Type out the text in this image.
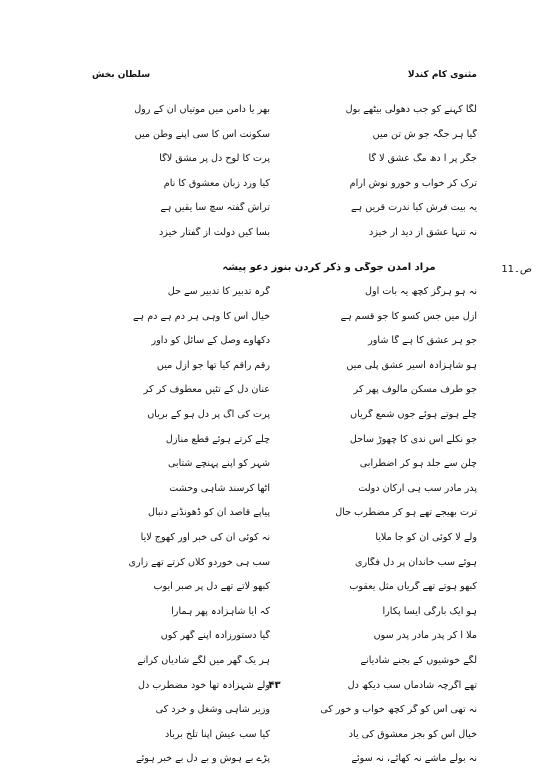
مثنوی کام کندلا
سلطان بخش
لگا کہنے کو جب دھولی بیٹھے بول
بھر یا دامن میں موتیاں ان کے رول
گیا ہر جگہ جو ش تن میں
سکونت اس کا سی اپنے وطن میں
جگر پر آ دھ مگ عشق لا گا
پرت کا لوح دل پر مشق لاگا
ترک کر خواب و خورو نوش آرام
کیا ورد زبان معشوق کا نام
یہ بیت فرش کیا ندرت قریں ہے
تراش گفتہ سچ سا یقیں ہے
نہ تنہا عشق از دید ار خیزد
بسا کیں دولت از گفتار خیزد
ص۔11
مراد آمدن جوگی و ذکر کردن بنوز دعو پیشہ
نہ ہو ہرگز کچھ یہ بات اول
گرہ تدبیر کا تدبیر سے حل
ازل میں جس کسو کا جو قسم ہے
خیال اس کا وہی ہر دم ہے دم ہے
جو ہر عشق کا ہے گا شاور
دکھاوے وصل کے سائل کو داور
ہو شاہزادہ اسیر عشق پلی میں
رقم راقم کیا تھا جو ازل میں
جو طرف مسکن مالوف پھر کر
عنان دل کے تئیں معطوف کر کر
چلے ہوتے ہوئے جوں شمع گریاں
پرت کی آگ پر دل ہو کے بریاں
جو نکلے اس ندی کا چھوڑ ساحل
چلے کرتے ہوئے قطع منازل
چلن سے جلد ہو کر اضطرابی
شہر کو اپنے پہنچے شتابی
پدر مادر سب ہی ارکان دولت
اٹھا کرسند شاہی وحشت
ترت بھیجے تھے ہو کر مضطرب حال
پیاپے قاصد ان کو ڈھونڈنے دنبال
ولے لا کوئی ان کو جا ملایا
نہ کوئی ان کی خبر اور کھوج لایا
ہوئے سب خاندان پر دل فگاری
سب ہی خوردو کلاں کرتے تھے زاری
کبھو ہوتے تھے گریاں مثل یعقوب
کبھو لاتے تھے دل پر صبر ایوب
ہو ایک بارگی ایسا پکارا
کہ آیا شاہزادہ پھر ہمارا
ملا آ کر پدر مادر پدر سوں
گیا دستورزادہ اپنے گھر کوں
لگے خوشیوں کے بجنے شادیانے
ہر یک گھر میں لگے شادیاں کرانے
تھے اگرچہ شادماں سب دیکھ دل
ولے شہزادہ تھا خود مضطرب دل
نہ تھی اس کو گر کچھ خواب و خور کی
وزیر شاہی وشغل و خرد کی
خیال اس کو بجز معشوق کی یاد
کیا سب عیش اپنا تلخ برباد
نہ بولے ماشے نہ کھائے، نہ سوئے
پڑے بے ہوش و بے دل بے خبر ہوئے
۴۳
